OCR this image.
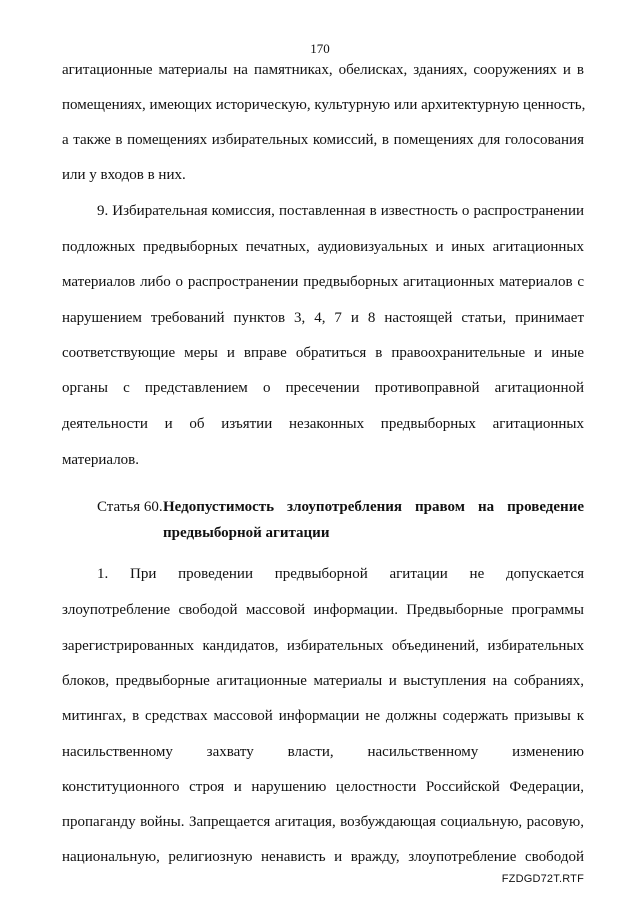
170
агитационные материалы на памятниках, обелисках, зданиях, сооружениях и в
помещениях, имеющих историческую, культурную или архитектурную ценность,
а также в помещениях избирательных комиссий, в помещениях для голосования
или у входов в них.
9. Избирательная комиссия, поставленная в известность о распространении
подложных предвыборных печатных, аудиовизуальных и иных агитационных
материалов либо о распространении предвыборных агитационных материалов с
нарушением требований пунктов 3, 4, 7 и 8 настоящей статьи, принимает
соответствующие меры и вправе обратиться в правоохранительные и иные
органы с представлением о пресечении противоправной агитационной
деятельности и об изъятии незаконных предвыборных агитационных
материалов.
Статья 60. Недопустимость злоупотребления правом на проведение
предвыборной агитации
1. При проведении предвыборной агитации не допускается
злоупотребление свободой массовой информации. Предвыборные программы
зарегистрированных кандидатов, избирательных объединений, избирательных
блоков, предвыборные агитационные материалы и выступления на собраниях,
митингах, в средствах массовой информации не должны содержать призывы к
насильственному захвату власти, насильственному изменению
конституционного строя и нарушению целостности Российской Федерации,
пропаганду войны. Запрещается агитация, возбуждающая социальную, расовую,
национальную, религиозную ненависть и вражду, злоупотребление свободой
FZDGD72T.RTF
